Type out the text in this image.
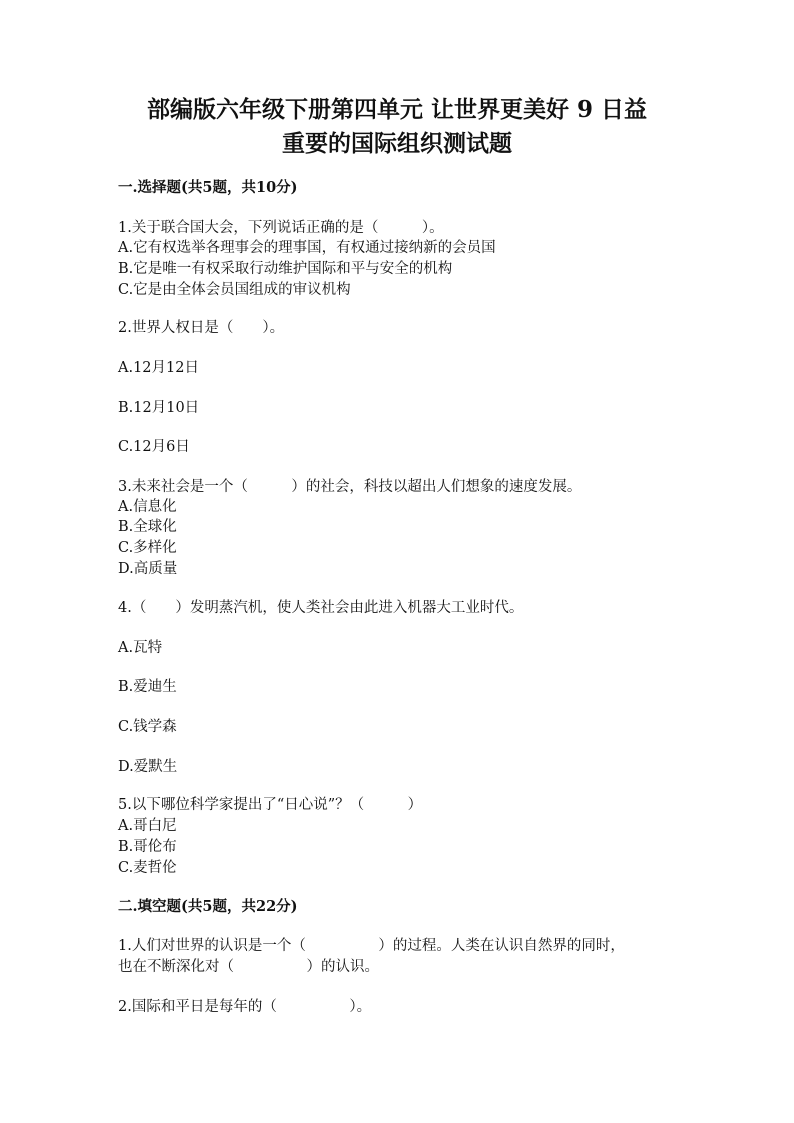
部编版六年级下册第四单元 让世界更美好 9 日益
重要的国际组织测试题
一.选择题(共5题，共10分)
1.关于联合国大会，下列说话正确的是（　　　）。
A.它有权选举各理事会的理事国，有权通过接纳新的会员国
B.它是唯一有权采取行动维护国际和平与安全的机构
C.它是由全体会员国组成的审议机构
2.世界人权日是（　　）。
A.12月12日
B.12月10日
C.12月6日
3.未来社会是一个（　　　）的社会，科技以超出人们想象的速度发展。
A.信息化
B.全球化
C.多样化
D.高质量
4.（　　）发明蒸汽机，使人类社会由此进入机器大工业时代。
A.瓦特
B.爱迪生
C.钱学森
D.爱默生
5.以下哪位科学家提出了“日心说”？（　　　）
A.哥白尼
B.哥伦布
C.麦哲伦
二.填空题(共5题，共22分)
1.人们对世界的认识是一个（　　　　　）的过程。人类在认识自然界的同时，
也在不断深化对（　　　　　）的认识。
2.国际和平日是每年的（　　　　　）。
